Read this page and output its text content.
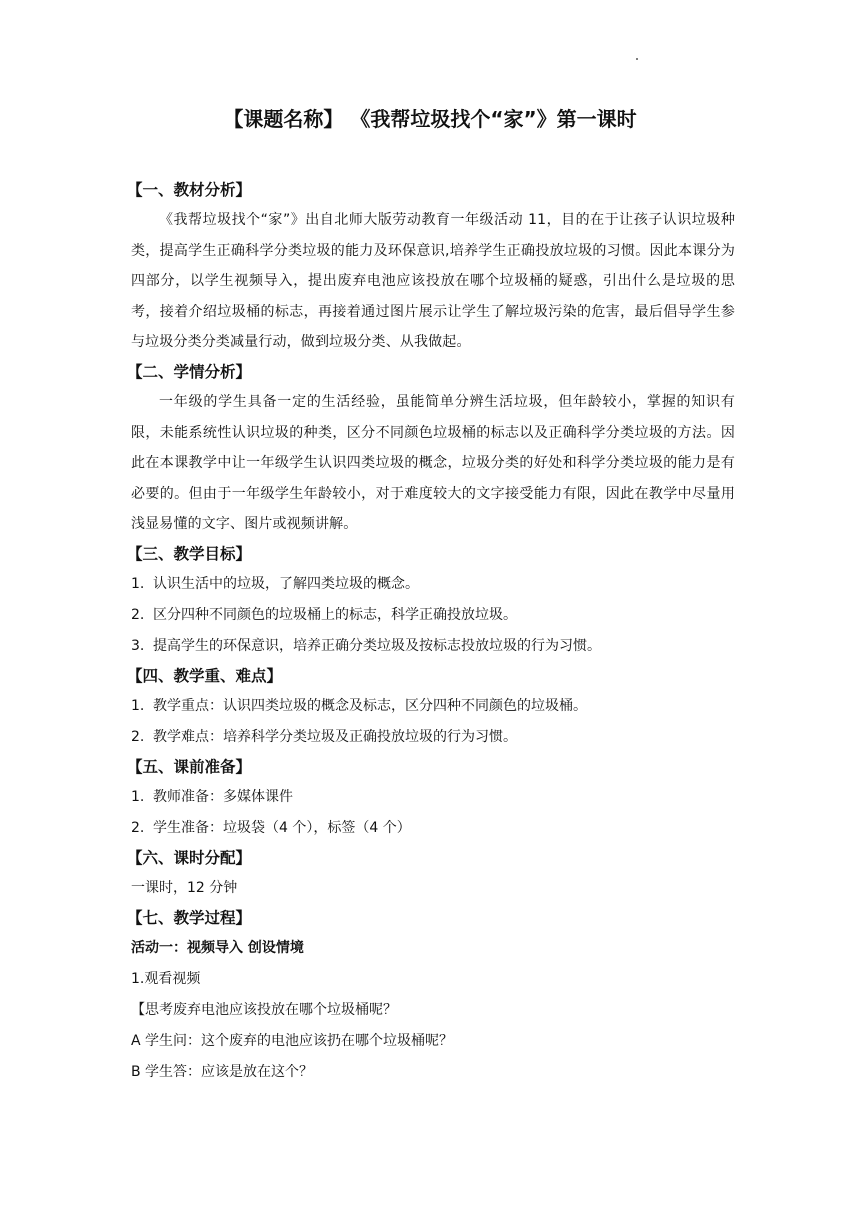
【课题名称】 《我帮垃圾找个“家”》第一课时
【一、教材分析】

《我帮垃圾找个“家”》出自北师大版劳动教育一年级活动 11，目的在于让孩子认识垃圾种类，提高学生正确科学分类垃圾的能力及环保意识,培养学生正确投放垃圾的习惯。因此本课分为四部分，以学生视频导入，提出废弃电池应该投放在哪个垃圾桶的疑惑，引出什么是垃圾的思考，接着介绍垃圾桶的标志，再接着通过图片展示让学生了解垃圾污染的危害，最后倡导学生参与垃圾分类分类减量行动，做到垃圾分类、从我做起。

【二、学情分析】

一年级的学生具备一定的生活经验，虽能简单分辨生活垃圾，但年龄较小，掌握的知识有限，未能系统性认识垃圾的种类，区分不同颜色垃圾桶的标志以及正确科学分类垃圾的方法。因此在本课教学中让一年级学生认识四类垃圾的概念，垃圾分类的好处和科学分类垃圾的能力是有必要的。但由于一年级学生年龄较小，对于难度较大的文字接受能力有限，因此在教学中尽量用浅显易懂的文字、图片或视频讲解。

【三、教学目标】
1. 认识生活中的垃圾，了解四类垃圾的概念。
2. 区分四种不同颜色的垃圾桶上的标志，科学正确投放垃圾。
3. 提高学生的环保意识，培养正确分类垃圾及按标志投放垃圾的行为习惯。
【四、教学重、难点】
1. 教学重点：认识四类垃圾的概念及标志，区分四种不同颜色的垃圾桶。
2. 教学难点：培养科学分类垃圾及正确投放垃圾的行为习惯。
【五、课前准备】
1. 教师准备：多媒体课件
2. 学生准备：垃圾袋（4 个），标签（4 个）
【六、课时分配】

一课时，12 分钟

【七、教学过程】

活动一：视频导入 创设情境

1.观看视频

【思考废弃电池应该投放在哪个垃圾桶呢？

A 学生问：这个废弃的电池应该扔在哪个垃圾桶呢？

B 学生答：应该是放在这个？
